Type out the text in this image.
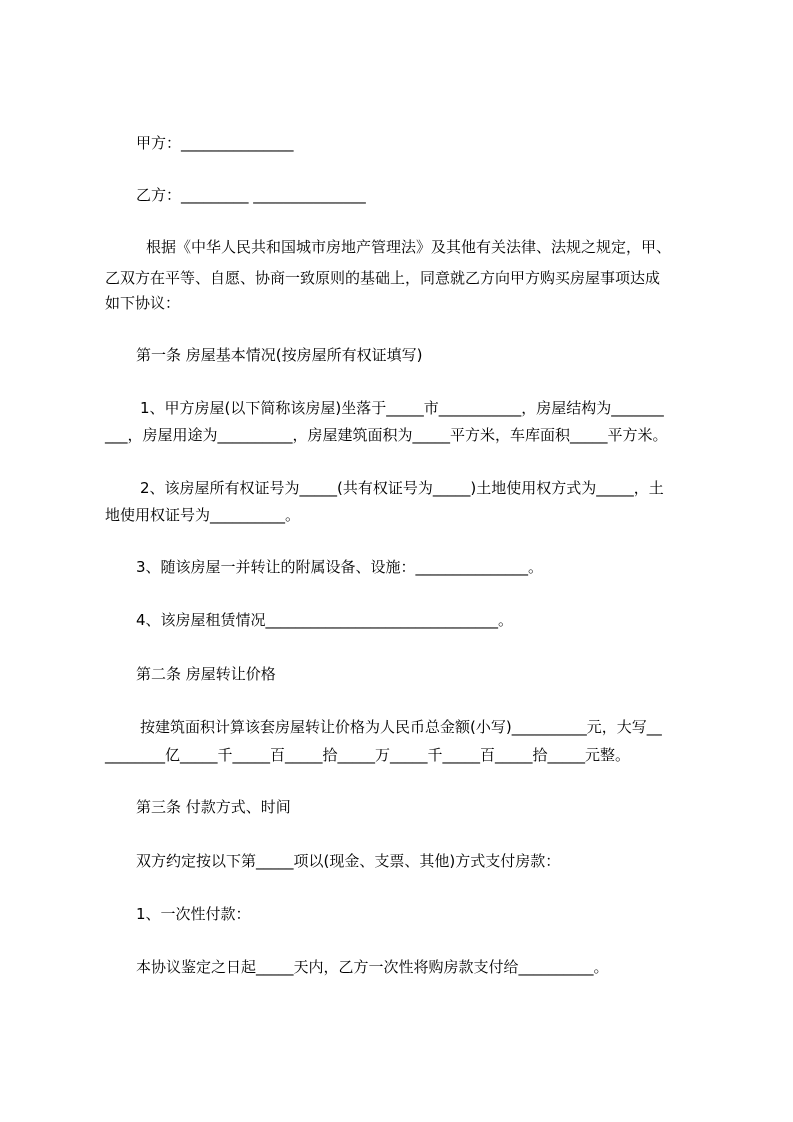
甲方：_______________
乙方：_________ _______________
根据《中华人民共和国城市房地产管理法》及其他有关法律、法规之规定，甲、
乙双方在平等、自愿、协商一致原则的基础上，同意就乙方向甲方购买房屋事项达成
如下协议：
第一条 房屋基本情况(按房屋所有权证填写)
1、甲方房屋(以下简称该房屋)坐落于_____市___________，房屋结构为_______
___，房屋用途为__________，房屋建筑面积为_____平方米，车库面积_____平方米。
2、该房屋所有权证号为_____(共有权证号为_____)土地使用权方式为_____，土
地使用权证号为__________。
3、随该房屋一并转让的附属设备、设施：_______________。
4、该房屋租赁情况_______________________________。
第二条 房屋转让价格
按建筑面积计算该套房屋转让价格为人民币总金额(小写)__________元，大写__
________亿_____千_____百_____拾_____万_____千_____百_____拾_____元整。
第三条 付款方式、时间
双方约定按以下第_____项以(现金、支票、其他)方式支付房款：
1、一次性付款：
本协议鉴定之日起_____天内，乙方一次性将购房款支付给__________。
